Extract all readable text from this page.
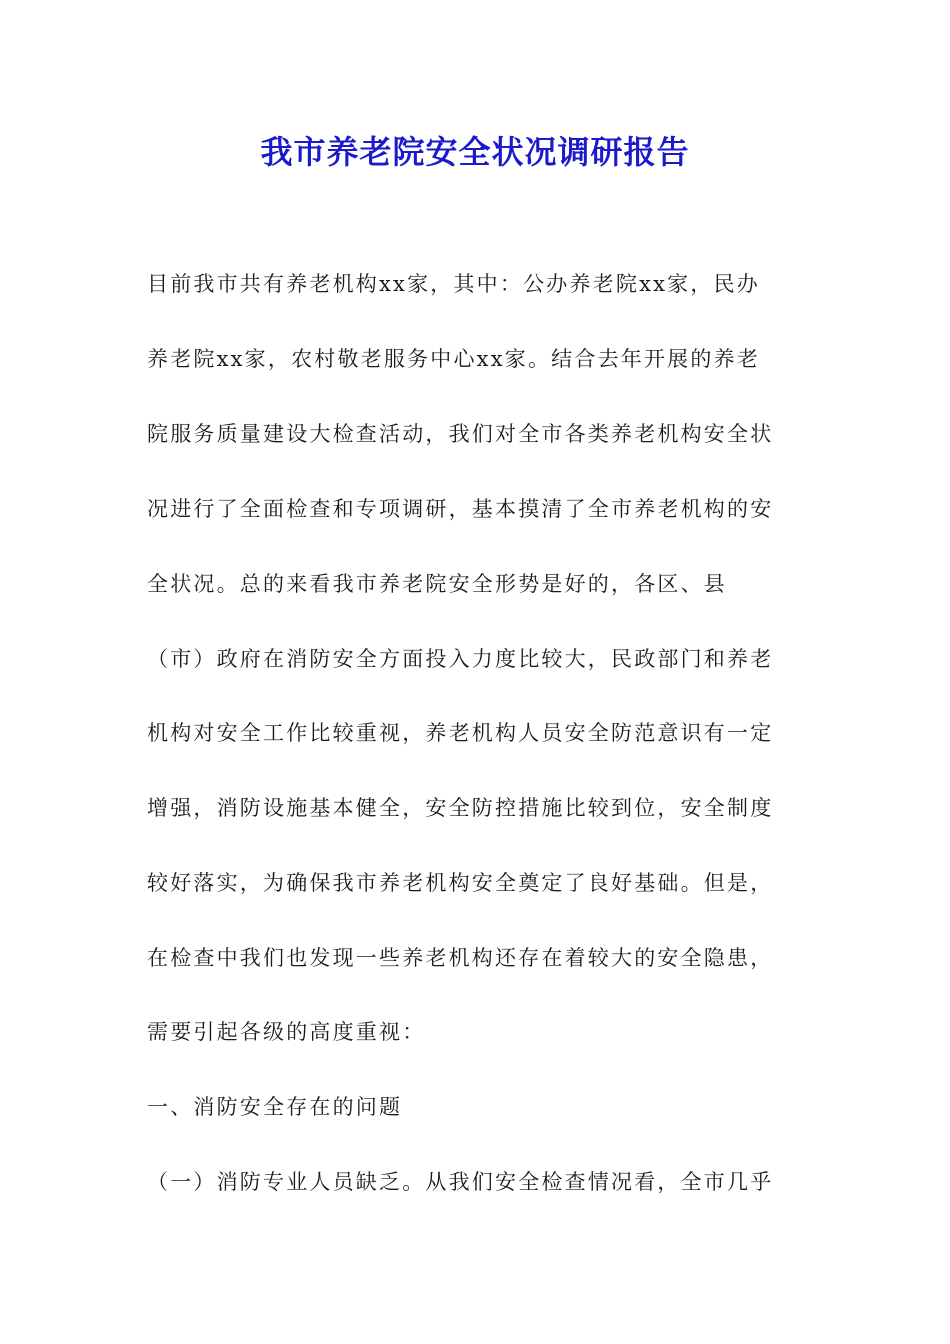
我市养老院安全状况调研报告
目前我市共有养老机构xx家，其中：公办养老院xx家，民办
养老院xx家，农村敬老服务中心xx家。结合去年开展的养老
院服务质量建设大检查活动，我们对全市各类养老机构安全状
况进行了全面检查和专项调研，基本摸清了全市养老机构的安
全状况。总的来看我市养老院安全形势是好的，各区、县
（市）政府在消防安全方面投入力度比较大，民政部门和养老
机构对安全工作比较重视，养老机构人员安全防范意识有一定
增强，消防设施基本健全，安全防控措施比较到位，安全制度
较好落实，为确保我市养老机构安全奠定了良好基础。但是，
在检查中我们也发现一些养老机构还存在着较大的安全隐患，
需要引起各级的高度重视：
一、消防安全存在的问题
（一）消防专业人员缺乏。从我们安全检查情况看，全市几乎
